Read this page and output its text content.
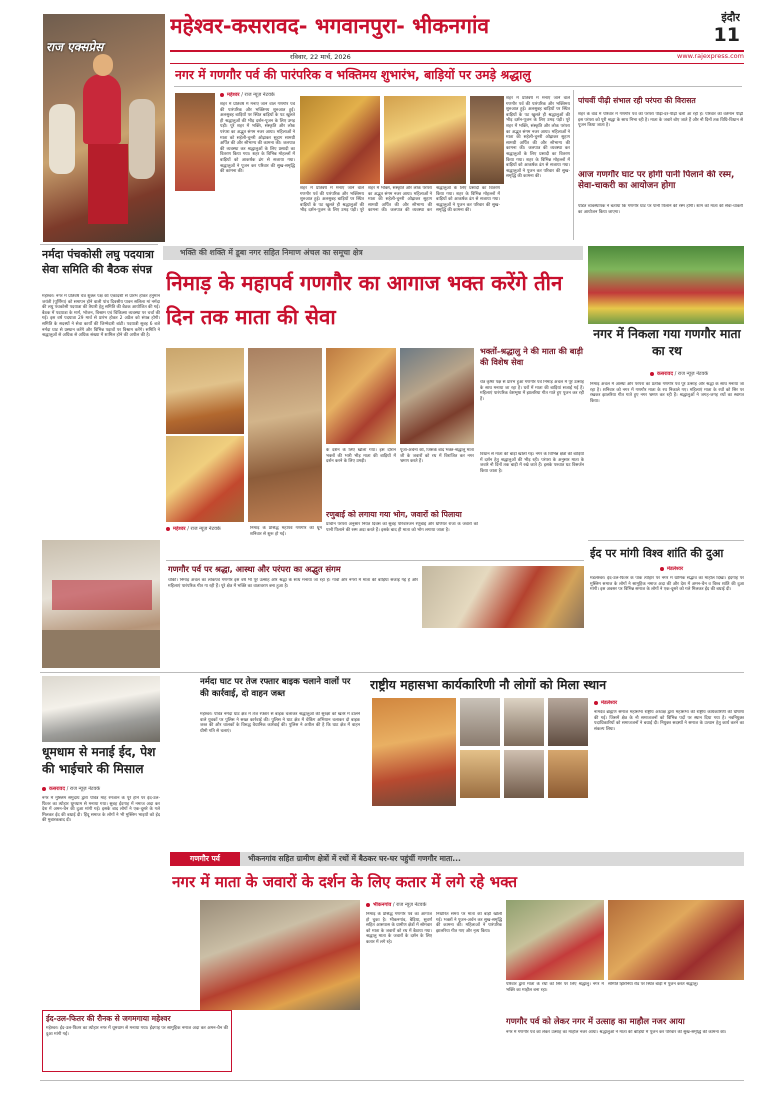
राज एक्सप्रेस
महेश्वर-कसरावद- भगवानपुरा- भीकनगांव	इंदौर
11
रविवार, 22 मार्च, 2026	www.rajexpress.com
नगर में गणगौर पर्व की पारंपरिक व भक्तिमय शुभारंभ, बाड़ियों पर उमड़े श्रद्धालु
महेश्वर / राज न्यूज़ नेटवर्क
शहर में प्रतिवर्ष मे मनाए जाने वाले गणगौर पर्व की पारंपरिक और भक्तिमय शुरुआत हुई। अलसुबह बाड़ियों पर स्थित बाड़ियों के पट खुलते ही श्रद्धालुओं की भीड़ दर्शन-पूजन के लिए उमड़ पड़ी। पूरे शहर में भक्ति, संस्कृति और लोक परंपरा का अद्भुत संगम नजर आया। महिलाओं ने माता को सहेली-चुनरी ओढ़ाकर सुहाग सामग्री अर्पित की और सौभाग्य की कामना की। जलपात्र की व्यवस्था कर श्रद्धालुओं के लिए प्रसादी का वितरण किया गया। शहर के विभिन्न मोहल्लों में बाड़ियों को आकर्षक ढंग से सजाया गया। श्रद्धालुओं ने पूजन कर परिवार की सुख-समृद्धि की कामना की।
शहर में प्रतिवर्ष मे मनाए जाने वाले गणगौर पर्व की पारंपरिक और भक्तिमय शुरुआत हुई। अलसुबह बाड़ियों पर स्थित बाड़ियों के पट खुलते ही श्रद्धालुओं की भीड़ दर्शन-पूजन के लिए उमड़ पड़ी। पूरे शहर में भक्ति, संस्कृति और लोक परंपरा का अद्भुत संगम नजर आया। महिलाओं ने माता को सहेली-चुनरी ओढ़ाकर सुहाग सामग्री अर्पित की और सौभाग्य की कामना की। जलपात्र की व्यवस्था कर श्रद्धालुओं के लिए प्रसादी का वितरण किया गया। शहर के विभिन्न मोहल्लों में बाड़ियों को आकर्षक ढंग से सजाया गया। श्रद्धालुओं ने पूजन कर परिवार की सुख-समृद्धि की कामना की।
शहर में प्रतिवर्ष मे मनाए जाने वाले गणगौर पर्व की पारंपरिक और भक्तिमय शुरुआत हुई। अलसुबह बाड़ियों पर स्थित बाड़ियों के पट खुलते ही श्रद्धालुओं की भीड़ दर्शन-पूजन के लिए उमड़ पड़ी। पूरे शहर में भक्ति, संस्कृति और लोक परंपरा का अद्भुत संगम नजर आया। महिलाओं ने माता को सहेली-चुनरी ओढ़ाकर सुहाग सामग्री अर्पित की और सौभाग्य की कामना की। जलपात्र की व्यवस्था कर श्रद्धालुओं के लिए प्रसादी का वितरण किया गया। शहर के विभिन्न मोहल्लों में बाड़ियों को आकर्षक ढंग से सजाया गया। श्रद्धालुओं ने पूजन कर परिवार की सुख-समृद्धि की कामना की।
पांचवीं पीढ़ी संभाल रही परंपरा की विरासत
शहर के वार्ड में परिवार में गणगौर पर्व की परंपरा पीढ़ी-दर-पीढ़ी चली आ रही है। परिवार की वर्तमान पीढ़ी इस परंपरा को पूरी श्रद्धा के साथ निभा रही है। माता के जवारे बोए जाते हैं और नौ दिनों तक विधि-विधान से पूजन किया जाता है।
आज गणगौर घाट पर होगी पानी पिलाने की रस्म, सेवा-चाकरी का आयोजन होगा
पंडित व्यवस्थापक ने बताया कि गणगौर घाट पर पानी पिलाने की रस्म होगी। शाम को माता की सेवा-चाकरी का आयोजन किया जाएगा।
नर्मदा पंचकोसी लघु पदयात्रा सेवा समिति की बैठक संपन्न
महेश्वर। नगर में प्रतिवर्ष चैत्र शुक्ल पक्ष की एकादशी से प्रारंभ होकर हनुमान जयंती (पूर्णिमा) को समापन होने वाली पांच दिवसीय पावन सलिला मां नर्मदा की लघु पंचकोसी पदयात्रा की तैयारी हेतु समिति की बैठक आयोजित की गई। बैठक में पदयात्रा के मार्ग, भोजन, विश्राम एवं चिकित्सा व्यवस्था पर चर्चा की गई। इस वर्ष पदयात्रा 29 मार्च से प्रारंभ होकर 2 अप्रैल को संपन्न होगी। समिति के सदस्यों ने सेवा कार्यों की जिम्मेदारी बांटी। पदयात्री सुबह 6 बजे नर्मदा घाट से प्रस्थान करेंगे और विभिन्न पड़ावों पर विश्राम करेंगे। समिति ने श्रद्धालुओं से अधिक से अधिक संख्या में शामिल होने की अपील की है।
भक्ति की शक्ति में डूबा नगर सहित निमाण अंचल का समूचा क्षेत्र
निमाड़ के महापर्व गणगौर का आगाज भक्त करेंगे तीन दिन तक माता की सेवा
नगर में निकला गया गणगौर माता का रथ
कसरावद / राज न्यूज़ नेटवर्क
निमाड़ अंचल में आस्था और परंपरा का प्रतीक गणगौर पर्व पूरे उत्साह और श्रद्धा के साथ मनाया जा रहा है। शनिवार को नगर में गणगौर माता के रथ निकाले गए। महिलाएं माता के रथों को सिर पर रखकर झालरिया गीत गाते हुए नगर भ्रमण कर रही हैं। श्रद्धालुओं ने जगह-जगह रथों का स्वागत किया।
भक्तों-श्रद्धालु ने की माता की बाड़ी की विशेष सेवा
चैत्र कृष्ण पक्ष से प्रारंभ हुआ गणगौर पर्व निमाड़ अंचल में पूरे उत्साह के साथ मनाया जा रहा है। घरों में माता की बाड़ियां सजाई गई हैं। महिलाएं पारंपरिक वेशभूषा में झालरिया गीत गाते हुए पूजन कर रही हैं।
विधान से माता की बाड़ी खोली गई। नगर के विभिन्न क्षेत्रों की बाड़ियों में दर्शन हेतु श्रद्धालुओं की भीड़ रही। परंपरा के अनुसार माता के जवारे नौ दिनों तक बाड़ी में रखे जाते हैं। इसके पश्चात घट विसर्जन किया जाता है।
महेश्वर / राज न्यूज़ नेटवर्क	निमाड़ के प्रसिद्ध महापर्व गणगौर की धूम शनिवार से शुरू हो गई।
के दर्शन के लिए खोला गया। इस दौरान भक्तों की भारी भीड़ माता की बाड़ियों में दर्शन करने के लिए उमड़ी।
पूजा-अर्चना की, जिसके बाद भक्त-श्रद्धालु माता जी के जवारों को रथ में विराजित कर नगर भ्रमण करते हैं।
रणुबाई को लगाया गया भोग, जवारों को पिलाया
प्राचीन परंपरा अनुसार नियत दिवस को सुबह परिवारजन रणुबाई और धणियर राजा के जवारों को पानी पिलाने की रस्म अदा करते हैं। इसके बाद ही माता को भोग लगाया जाता है।
गणगौर पर्व पर श्रद्धा, आस्था और परंपरा का अद्भुत संगम
चौकी। निमाड़ अंचल का लोकपर्व गणगौर इस वर्ष भी पूरे उत्साह और श्रद्धा के साथ मनाया जा रहा है। गांवों और नगरों में माता की बाड़ियां सजाई गई हैं और महिलाएं पारंपरिक गीत गा रही हैं। पूरे क्षेत्र में भक्ति का वातावरण बना हुआ है।
ईद पर मांगी विश्व शांति की दुआ
मंडलेश्वर
मंडलेश्वर। ईद-उल-फितर के पाक त्योहार पर नगर में धार्मिक सद्भाव का माहौल दिखा। ईदगाह पर मुस्लिम समाज के लोगों ने सामूहिक नमाज अदा की और देश में अमन-चैन व विश्व शांति की दुआ मांगी। इस अवसर पर विभिन्न समाज के लोगों ने एक-दूसरे को गले मिलकर ईद की बधाई दी।
धूमधाम से मनाई ईद, पेश की भाईचारे की मिसाल
कसरावद / राज न्यूज़ नेटवर्क
नगर में मुस्लिम समुदाय द्वारा पवित्र माह रमजान के पूरे होने पर ईद-उल-फितर का त्योहार धूमधाम से मनाया गया। सुबह ईदगाह में नमाज अदा कर देश में अमन-चैन की दुआ मांगी गई। इसके बाद लोगों ने एक-दूसरे के गले मिलकर ईद की बधाई दी। हिंदू समाज के लोगों ने भी मुस्लिम भाइयों को ईद की मुबारकबाद दी।
नर्मदा घाट पर तेज रफ्तार बाइक चलाने वालों पर की कार्रवाई, दो वाहन जब्त
महेश्वर। पवित्र नर्मदा घाट क्षेत्र में तेज रफ्तार से बाइक चलाकर श्रद्धालुओं की सुरक्षा को खतरे में डालने वाले युवकों पर पुलिस ने सख्त कार्रवाई की। पुलिस ने घाट क्षेत्र में चेकिंग अभियान चलाकर दो बाइक जब्त की और चालकों के विरुद्ध वैधानिक कार्रवाई की। पुलिस ने अपील की है कि घाट क्षेत्र में वाहन धीमी गति से चलाएं।
राष्ट्रीय महासभा कार्यकारिणी नौ लोगों को मिला स्थान
मंडलेश्वर
नामदेव ब्राह्मण समाज महासभा राष्ट्रीय अध्यक्ष द्वारा महासभा की राष्ट्रीय कार्यकारिणी की घोषणा की गई। जिसमें क्षेत्र के नौ समाजजनों को विभिन्न पदों पर स्थान दिया गया है। नवनियुक्त पदाधिकारियों को समाजजनों ने बधाई दी। नियुक्त सदस्यों ने समाज के उत्थान हेतु कार्य करने का संकल्प लिया।
ईद-उल-फितर की रौनक से जगमगाया महेश्वर
महेश्वर। ईद-उल-फितर का त्योहार नगर में धूमधाम से मनाया गया। ईदगाह पर सामूहिक नमाज अदा कर अमन-चैन की दुआ मांगी गई।
गणगौर पर्व	भीकनगांव सहित ग्रामीण क्षेत्रों में रथों में बैठकर घर-घर पहुंचीं गणगौर माता...
नगर में माता के जवारों के दर्शन के लिए कतार में लगे रहे भक्त
भीकनगांव / राज न्यूज़ नेटवर्क
निमाड़ के प्रसिद्ध गणगौर पर्व का आगाज हो चुका है। भीकनगांव, बैड़िया, सुवर्ण सहित आसपास के ग्रामीण क्षेत्रों में सोमवार को माता के जवारों को रथ में बैठाया गया। श्रद्धालु माता के जवारों के दर्शन के लिए कतार में लगे रहे।
निर्धारित समय पर माता की बाड़ी खोली गई। भक्तों ने पूजन-अर्चन कर सुख-समृद्धि की कामना की। महिलाओं ने पारंपरिक झालरिया गीत गाए और नृत्य किया।
परिवार द्वारा माता के रथों को सिर पर लिए श्रद्धालु। नगर में भक्ति का माहौल बना रहा।
समिति झिरनिया रोड पर स्थित बाड़ी में पूजन करते श्रद्धालु।
गणगौर पर्व को लेकर नगर में उत्साह का माहौल नजर आया
नगर में गणगौर पर्व को लेकर उत्साह का माहौल नजर आया। श्रद्धालुओं ने माता की बाड़ियों में पूजन कर परिवार की सुख-समृद्धि की कामना की।
